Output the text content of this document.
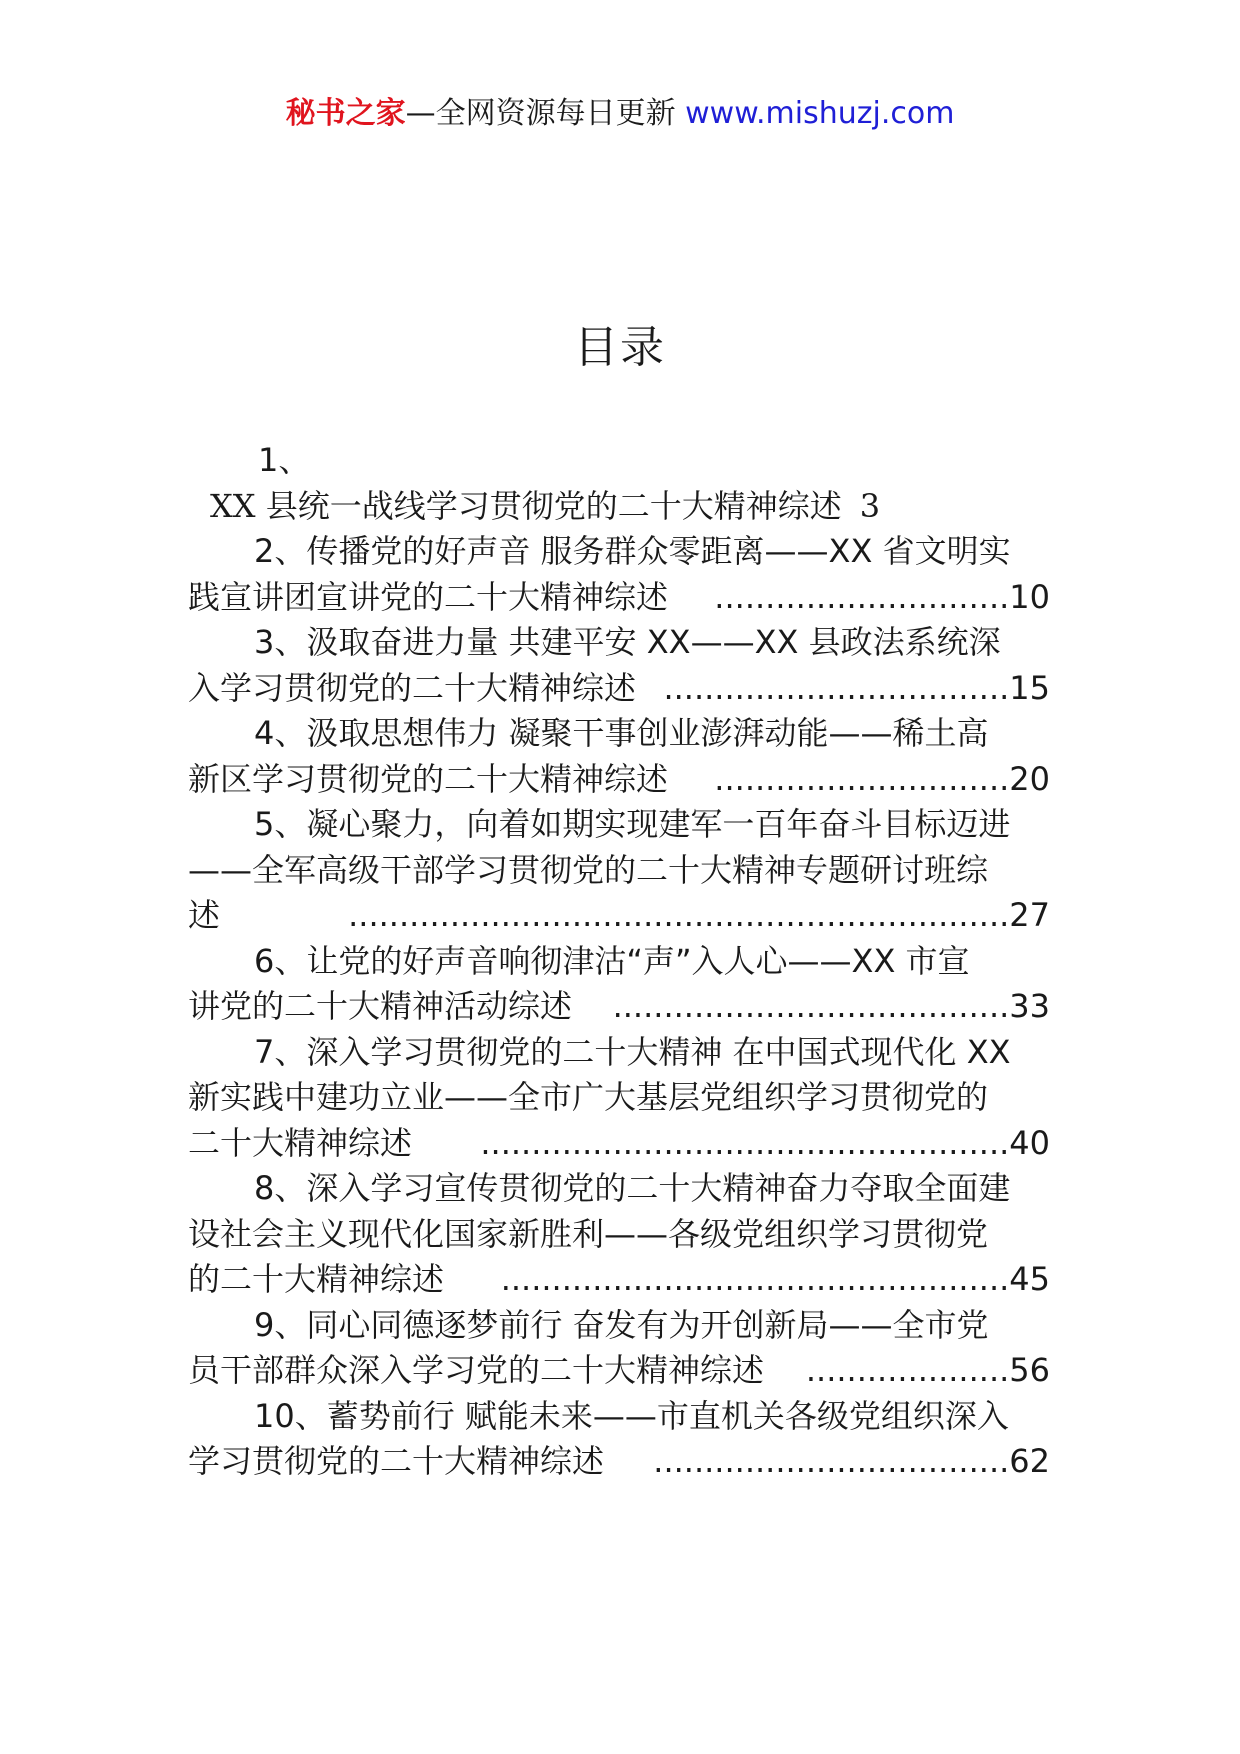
秘书之家—全网资源每日更新 www.mishuzj.com
目录
1、
XX 县统一战线学习贯彻党的二十大精神综述 3
2、传播党的好声音 服务群众零距离——XX 省文明实

.............................10
践宣讲团宣讲党的二十大精神综述
3、汲取奋进力量 共建平安 XX——XX 县政法系统深

..................................15
入学习贯彻党的二十大精神综述
4、汲取思想伟力 凝聚干事创业澎湃动能——稀土高

.............................20
新区学习贯彻党的二十大精神综述
5、凝心聚力，向着如期实现建军一百年奋斗目标迈进
——全军高级干部学习贯彻党的二十大精神专题研讨班综

.................................................................27
述
6、让党的好声音响彻津沽“声”入人心——XX 市宣

.......................................33
讲党的二十大精神活动综述
7、深入学习贯彻党的二十大精神 在中国式现代化 XX
新实践中建功立业——全市广大基层党组织学习贯彻党的

....................................................40
二十大精神综述
8、深入学习宣传贯彻党的二十大精神奋力夺取全面建
设社会主义现代化国家新胜利——各级党组织学习贯彻党

..................................................45
的二十大精神综述
9、同心同德逐梦前行 奋发有为开创新局——全市党

....................56
员干部群众深入学习党的二十大精神综述
10、蓄势前行 赋能未来——市直机关各级党组织深入

...................................62
学习贯彻党的二十大精神综述
